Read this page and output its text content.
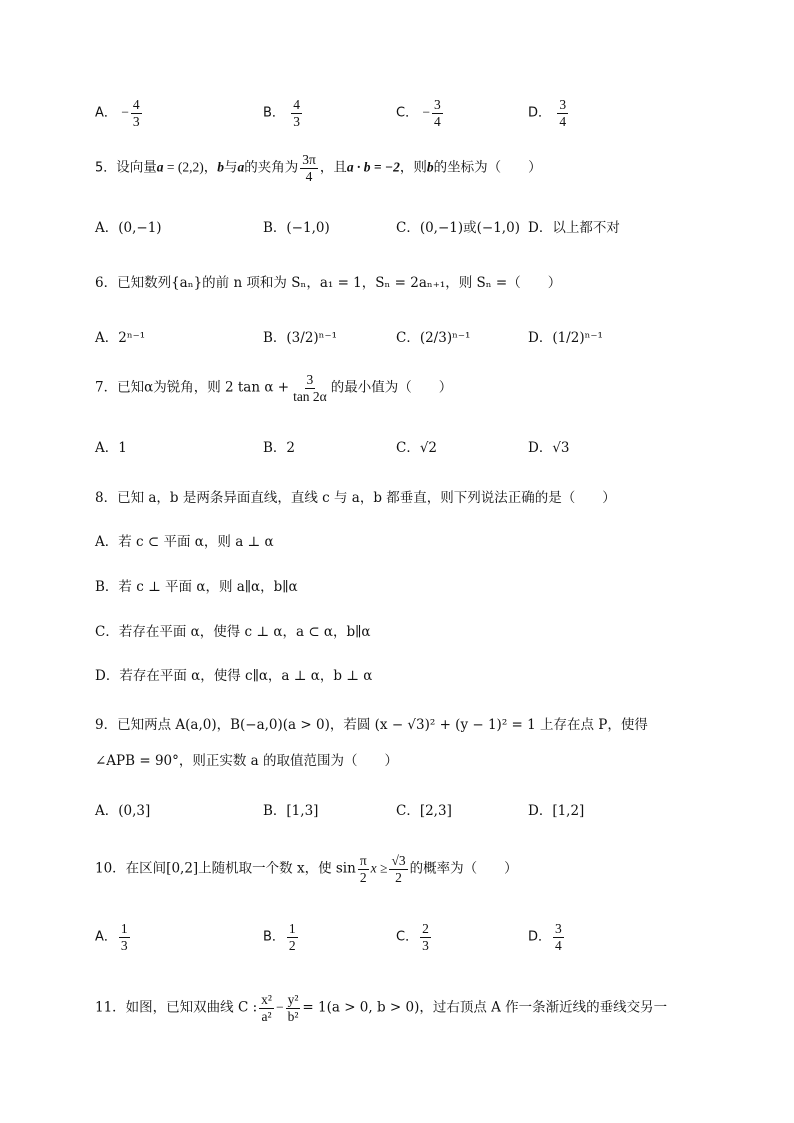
A． − $\frac{4}{3}$	B． $\frac{4}{3}$	C． − $\frac{3}{4}$	D． $\frac{3}{4}$
5．设向量a = (2,2)，b与a的夹角为 $\frac{3\pi}{4}$ ，且a · b = −2，则b的坐标为（　　）
A．(0,−1)	B．(−1,0)	C．(0,−1)或(−1,0) D．以上都不对
6．已知数列{aₙ}的前 n 项和为 Sₙ，a₁ = 1，Sₙ = 2aₙ₊₁，则 Sₙ =（　　）
A．2ⁿ⁻¹	B．(3/2)ⁿ⁻¹	C．(2/3)ⁿ⁻¹	D．(1/2)ⁿ⁻¹
7．已知α为锐角，则 2 $\tan \alpha + \frac{3}{\tan 2\alpha}$ 的最小值为（　　）
A．1	B．2	C．√2	D．√3
8．已知 a，b 是两条异面直线，直线 c 与 a，b 都垂直，则下列说法正确的是（　　）
A．若 c ⊂ 平面 α，则 a ⊥ α
B．若 c ⊥ 平面 α，则 a∥α，b∥α
C．若存在平面 α，使得 c ⊥ α，a ⊂ α，b∥α
D．若存在平面 α，使得 c∥α，a ⊥ α，b ⊥ α
9．已知两点 A(a,0)，B(−a,0)(a > 0)，若圆 (x − √3)² + (y − 1)² = 1 上存在点 P，使得
∠APB = 90°，则正实数 a 的取值范围为（　　）
A．(0,3]	B．[1,3]	C．[2,3]	D．[1,2]
10．在区间[0,2]上随机取一个数 x，使 $\sin \frac{\pi}{2}$ $x \ge \frac{√3}{2}$ 的概率为（　　）
A． $\frac{1}{3}$	B． $\frac{1}{2}$	C． $\frac{2}{3}$	D． $\frac{3}{4}$
11．如图，已知双曲线 C : $\frac{\text{x²}}{\text{a²}} - \frac{\text{y²}}{\text{b²}} = 1(a > 0$, b > 0)，过右顶点 A 作一条渐近线的垂线交另一
